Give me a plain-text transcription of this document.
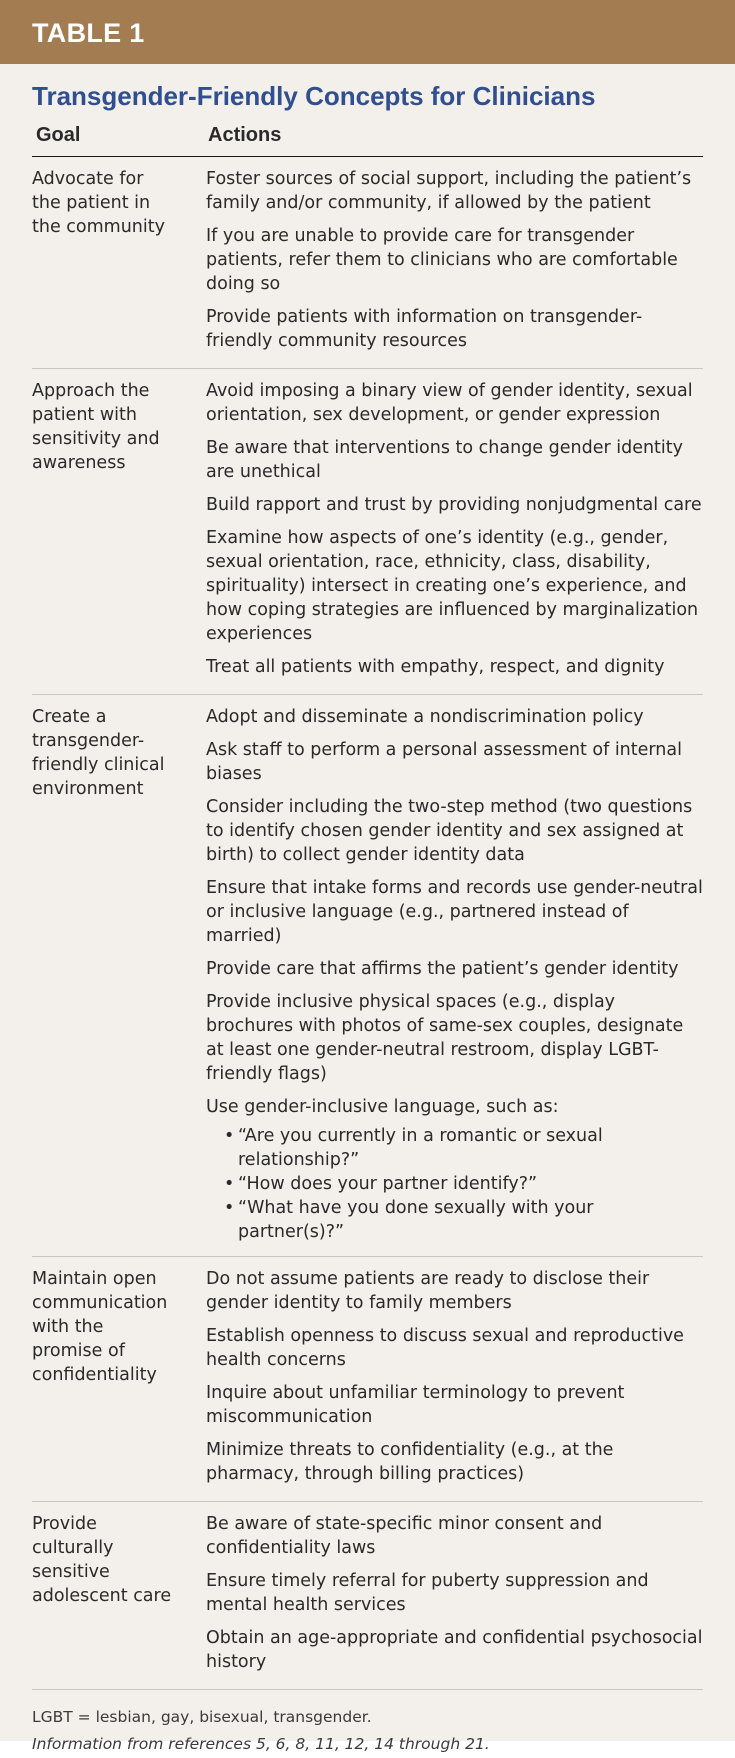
TABLE 1
Transgender-Friendly Concepts for Clinicians
Goal	Actions
Advocate for the patient in the community
Foster sources of social support, including the patient’s family and/or community, if allowed by the patient
If you are unable to provide care for transgender patients, refer them to clinicians who are comfortable doing so
Provide patients with information on transgender-friendly community resources
Approach the patient with sensitivity and awareness
Avoid imposing a binary view of gender identity, sexual orientation, sex development, or gender expression
Be aware that interventions to change gender identity are unethical
Build rapport and trust by providing nonjudgmental care
Examine how aspects of one’s identity (e.g., gender, sexual orientation, race, ethnicity, class, disability, spirituality) intersect in creating one’s experience, and how coping strategies are influenced by marginalization experiences
Treat all patients with empathy, respect, and dignity
Create a transgender-friendly clinical environment
Adopt and disseminate a nondiscrimination policy
Ask staff to perform a personal assessment of internal biases
Consider including the two-step method (two questions to identify chosen gender identity and sex assigned at birth) to collect gender identity data
Ensure that intake forms and records use gender-neutral or inclusive language (e.g., partnered instead of married)
Provide care that affirms the patient’s gender identity
Provide inclusive physical spaces (e.g., display brochures with photos of same-sex couples, designate at least one gender-neutral restroom, display LGBT-friendly flags)
Use gender-inclusive language, such as:
• “Are you currently in a romantic or sexual relationship?”
• “How does your partner identify?”
• “What have you done sexually with your partner(s)?”
Maintain open communication with the promise of confidentiality
Do not assume patients are ready to disclose their gender identity to family members
Establish openness to discuss sexual and reproductive health concerns
Inquire about unfamiliar terminology to prevent miscommunication
Minimize threats to confidentiality (e.g., at the pharmacy, through billing practices)
Provide culturally sensitive adolescent care
Be aware of state-specific minor consent and confidentiality laws
Ensure timely referral for puberty suppression and mental health services
Obtain an age-appropriate and confidential psychosocial history
LGBT = lesbian, gay, bisexual, transgender.
Information from references 5, 6, 8, 11, 12, 14 through 21.
